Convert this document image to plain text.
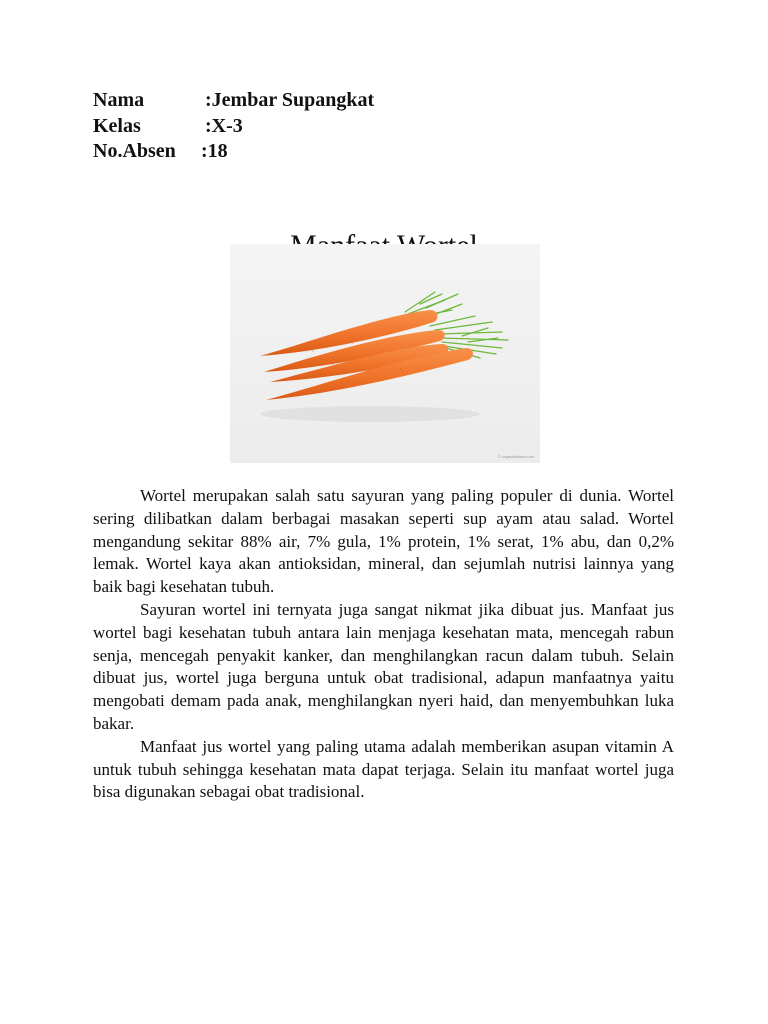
Nama	:Jembar Supangkat
Kelas	:X-3
No.Absen	:18
© vegetablefacts.net

Wortel merupakan salah satu sayuran yang paling populer di dunia. Wortel sering dilibatkan dalam berbagai masakan seperti sup ayam atau salad. Wortel mengandung sekitar 88% air, 7% gula, 1% protein, 1% serat, 1% abu, dan 0,2% lemak. Wortel kaya akan antioksidan, mineral, dan sejumlah nutrisi lainnya yang baik bagi kesehatan tubuh.

Sayuran wortel ini ternyata juga sangat nikmat jika dibuat jus. Manfaat jus wortel bagi kesehatan tubuh antara lain menjaga kesehatan mata, mencegah rabun senja, mencegah penyakit kanker, dan menghilangkan racun dalam tubuh. Selain dibuat jus, wortel juga berguna untuk obat tradisional, adapun manfaatnya yaitu mengobati demam pada anak, menghilangkan nyeri haid, dan menyembuhkan luka bakar.

Manfaat jus wortel yang paling utama adalah memberikan asupan vitamin A untuk tubuh sehingga kesehatan mata dapat terjaga. Selain itu manfaat wortel juga bisa digunakan sebagai obat tradisional.
